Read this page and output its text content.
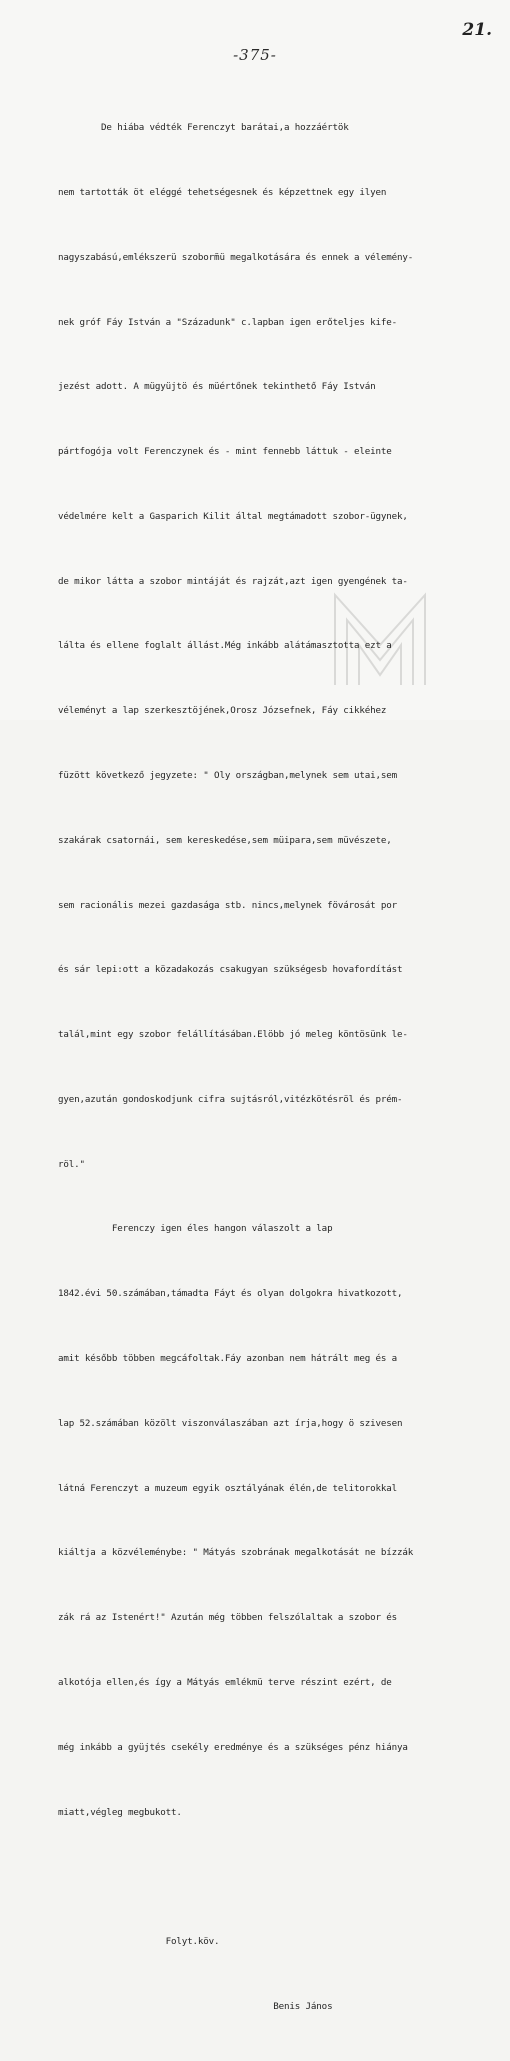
21.
-375-

De hiába védték Ferenczyt barátai,a hozzáértök

nem tartották öt eléggé tehetségesnek és képzettnek egy ilyen

nagyszabású,emlékszerü szoborm̃ü megalkotására és ennek a vélemény-

nek gróf Fáy István a "Századunk" c.lapban igen erőteljes kife-

jezést adott. A mügyüjtö és müértőnek tekinthető Fáy István

pártfogója volt Ferenczynek és - mint fennebb láttuk - eleinte

védelmére kelt a Gasparich Kilit által megtámadott szobor-ügynek,

de mikor látta a szobor mintáját és rajzát,azt igen gyengének ta-

lálta és ellene foglalt állást.Még inkább alátámasztotta ezt a

véleményt a lap szerkesztöjének,Orosz Józsefnek, Fáy cikkéhez

füzött következő jegyzete: " Oly országban,melynek sem utai,sem

szakárak csatornái, sem kereskedése,sem müipara,sem müvészete,

sem racionális mezei gazdasága stb. nincs,melynek fövárosát por

és sár lepi:ott a közadakozás csakugyan szükségesb hovafordítást

talál,mint egy szobor felállításában.Elöbb jó meleg köntösünk le-

gyen,azután gondoskodjunk cifra sujtásról,vitézkötésröl és prém-

röl."

Ferenczy igen éles hangon válaszolt a lap

1842.évi 50.számában,támadta Fáyt és olyan dolgokra hivatkozott,

amit később többen megcáfoltak.Fáy azonban nem hátrált meg és a

lap 52.számában közölt viszonválaszában azt írja,hogy ö szivesen

látná Ferenczyt a muzeum egyik osztályának élén,de telitorokkal

kiáltja a közvéleménybe: " Mátyás szobrának megalkotását ne bízzák

zák rá az Istenért!" Azután még többen felszólaltak a szobor és

alkotója ellen,és így a Mátyás emlékmü terve részint ezért, de

még inkább a gyüjtés csekély eredménye és a szükséges pénz hiánya

miatt,végleg megbukott.

Folyt.köv.

Benis János
